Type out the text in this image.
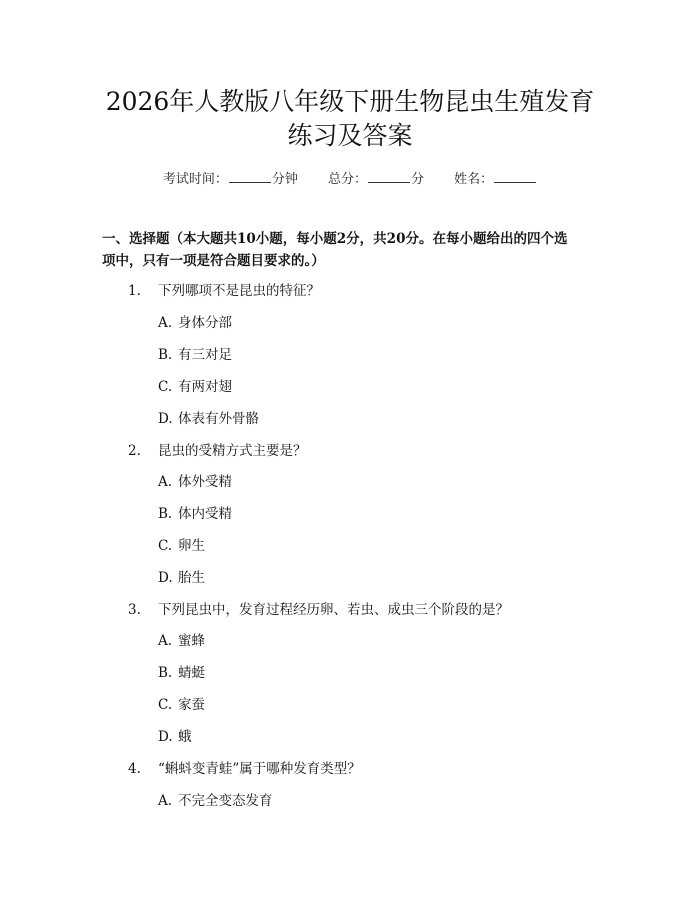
2026年人教版八年级下册生物昆虫生殖发育
练习及答案
考试时间：	分钟 总分：	分 姓名：
一、选择题（本大题共10小题，每小题2分，共20分。在每小题给出的四个选
项中，只有一项是符合题目要求的。）
1. 下列哪项不是昆虫的特征？
A. 身体分部
B. 有三对足
C. 有两对翅
D. 体表有外骨骼
2. 昆虫的受精方式主要是？
A. 体外受精
B. 体内受精
C. 卵生
D. 胎生
3. 下列昆虫中，发育过程经历卵、若虫、成虫三个阶段的是？
A. 蜜蜂
B. 蜻蜓
C. 家蚕
D. 蛾
4. “蝌蚪变青蛙”属于哪种发育类型？
A. 不完全变态发育
